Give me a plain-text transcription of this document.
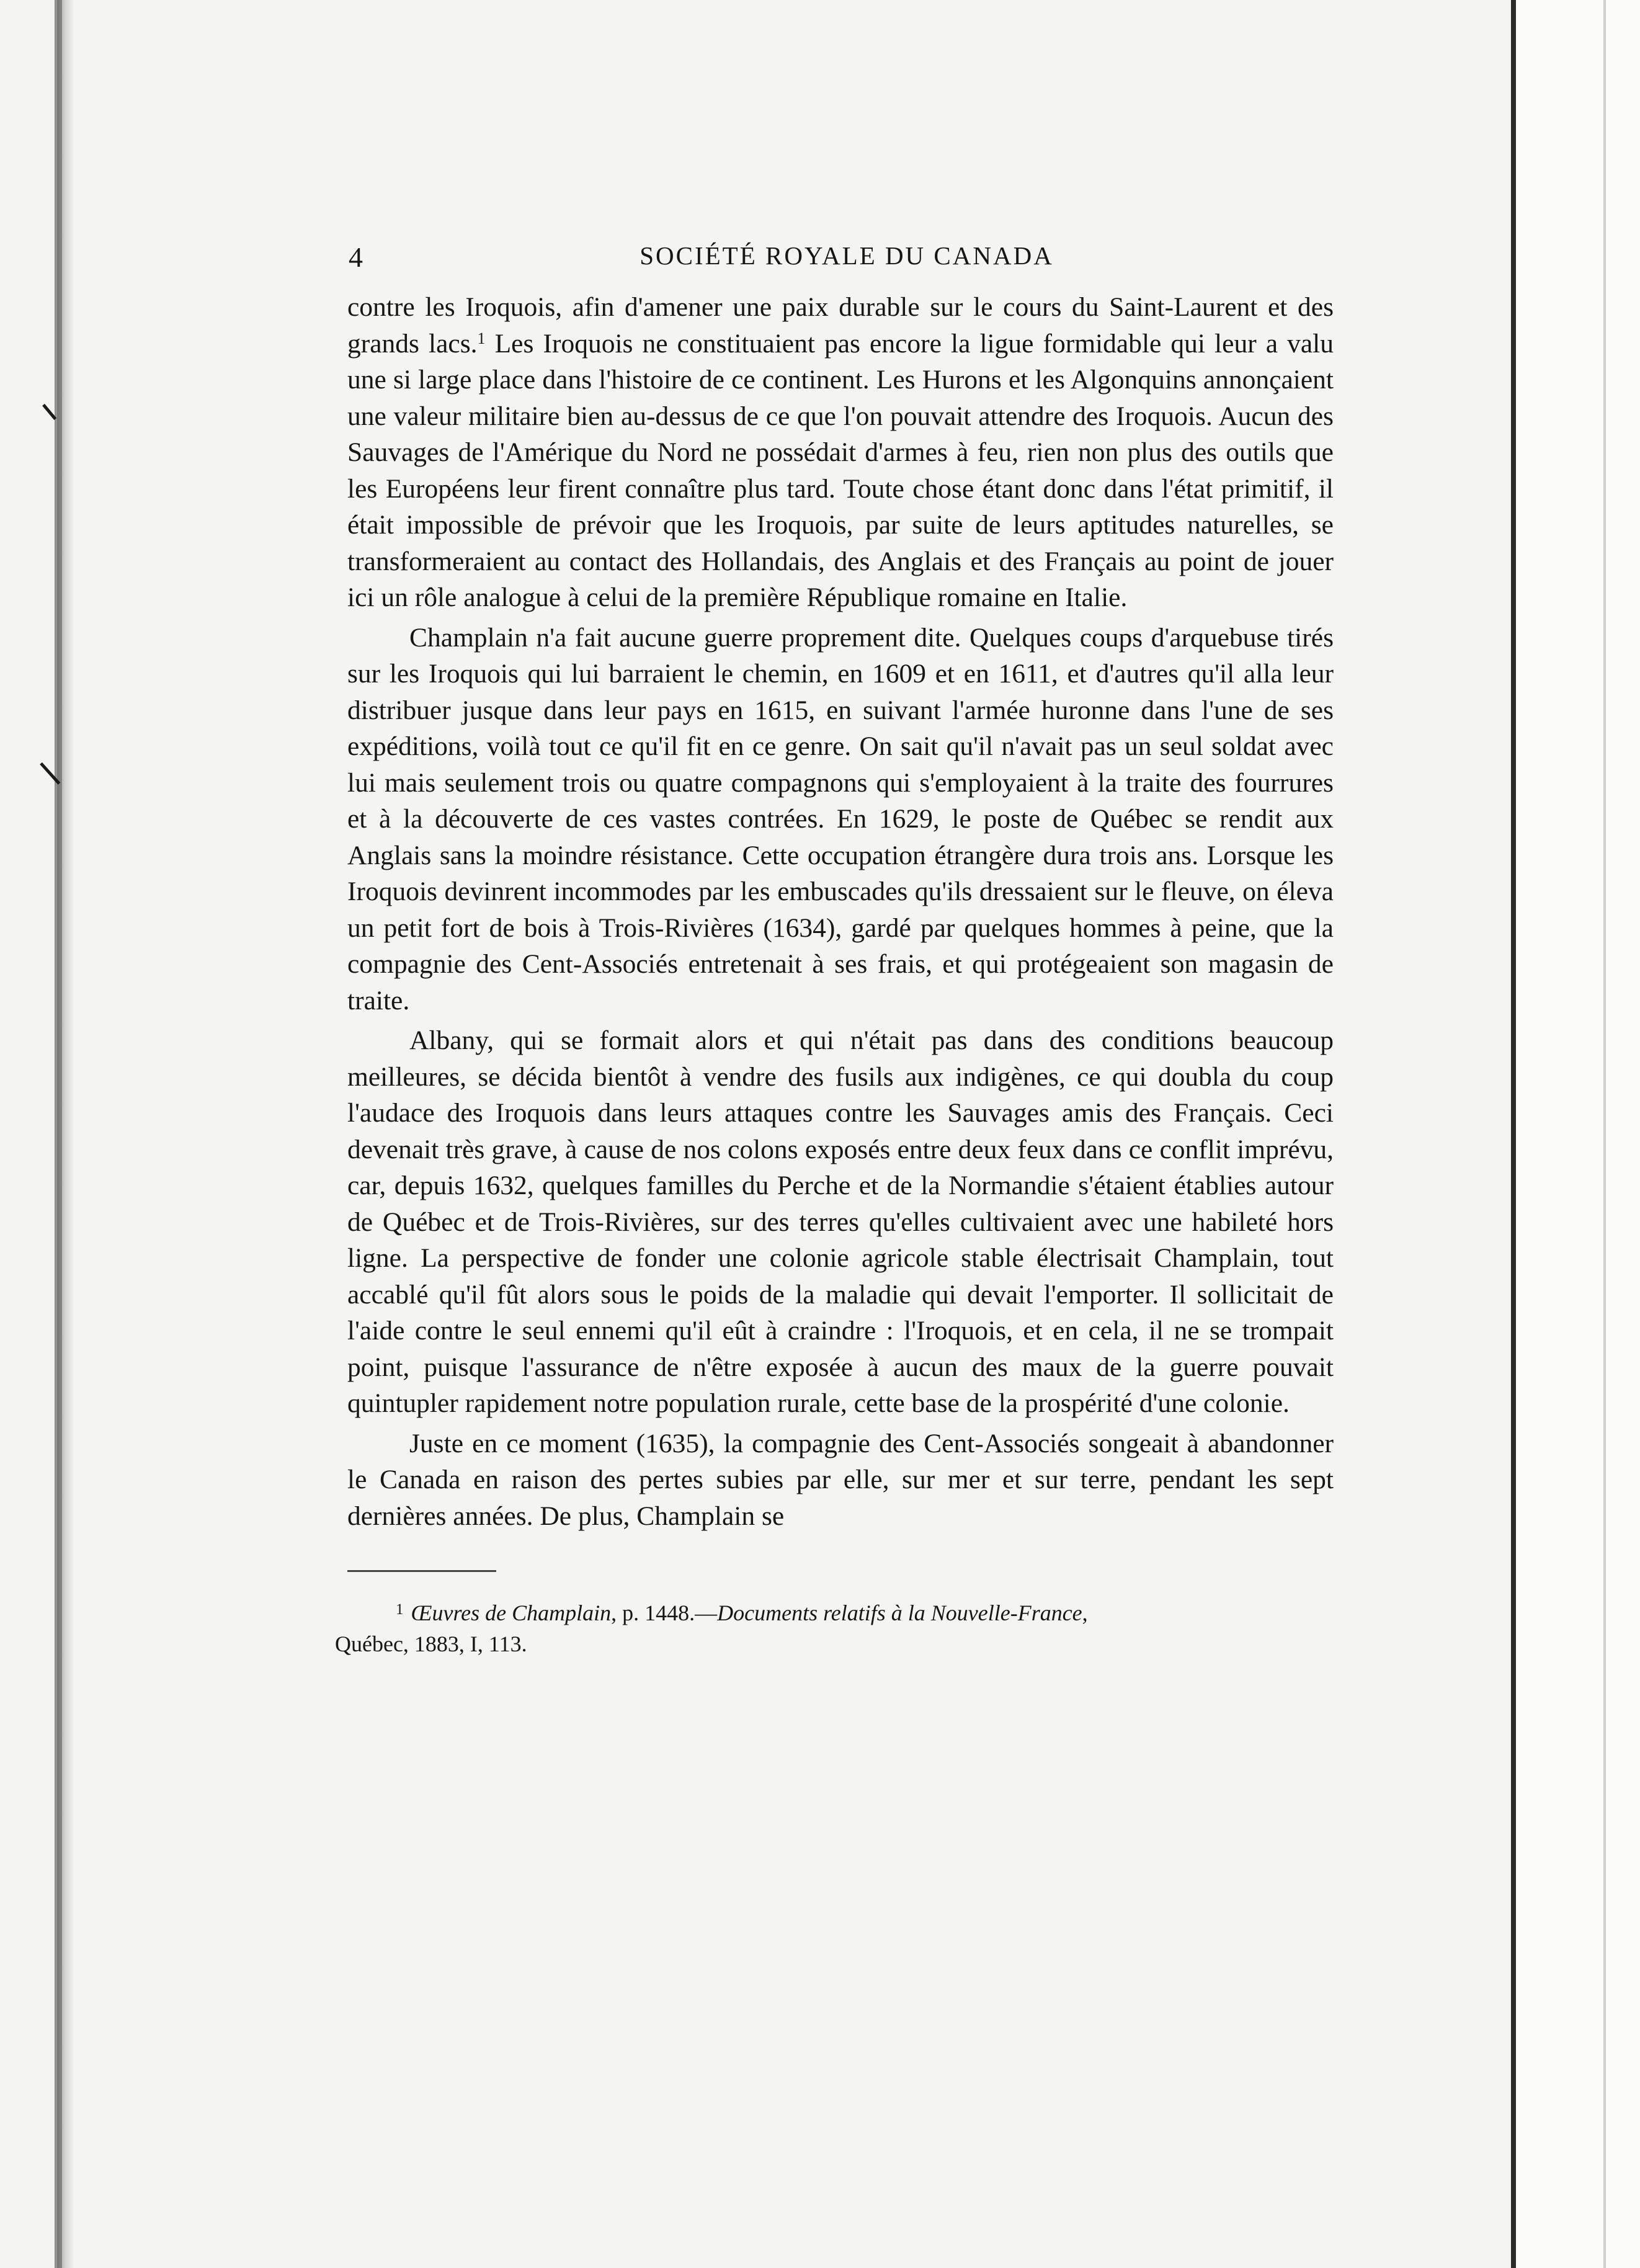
4	SOCIÉTÉ ROYALE DU CANADA

contre les Iroquois, afin d'amener une paix durable sur le cours du Saint-Laurent et des grands lacs.$^1$ Les Iroquois ne constituaient pas encore la ligue formidable qui leur a valu une si large place dans l'histoire de ce continent. Les Hurons et les Algonquins annonçaient une valeur militaire bien au-dessus de ce que l'on pouvait attendre des Iroquois. Aucun des Sauvages de l'Amérique du Nord ne possédait d'armes à feu, rien non plus des outils que les Européens leur firent connaître plus tard. Toute chose étant donc dans l'état primitif, il était impossible de prévoir que les Iroquois, par suite de leurs aptitudes naturelles, se transformeraient au contact des Hollandais, des Anglais et des Français au point de jouer ici un rôle analogue à celui de la première République romaine en Italie.

Champlain n'a fait aucune guerre proprement dite. Quelques coups d'arquebuse tirés sur les Iroquois qui lui barraient le chemin, en 1609 et en 1611, et d'autres qu'il alla leur distribuer jusque dans leur pays en 1615, en suivant l'armée huronne dans l'une de ses expéditions, voilà tout ce qu'il fit en ce genre. On sait qu'il n'avait pas un seul soldat avec lui mais seulement trois ou quatre compagnons qui s'employaient à la traite des fourrures et à la découverte de ces vastes contrées. En 1629, le poste de Québec se rendit aux Anglais sans la moindre résistance. Cette occupation étrangère dura trois ans. Lorsque les Iroquois devinrent incommodes par les embuscades qu'ils dressaient sur le fleuve, on éleva un petit fort de bois à Trois-Rivières (1634), gardé par quelques hommes à peine, que la compagnie des Cent-Associés entretenait à ses frais, et qui protégeaient son magasin de traite.

Albany, qui se formait alors et qui n'était pas dans des conditions beaucoup meilleures, se décida bientôt à vendre des fusils aux indigènes, ce qui doubla du coup l'audace des Iroquois dans leurs attaques contre les Sauvages amis des Français. Ceci devenait très grave, à cause de nos colons exposés entre deux feux dans ce conflit imprévu, car, depuis 1632, quelques familles du Perche et de la Normandie s'étaient établies autour de Québec et de Trois-Rivières, sur des terres qu'elles cultivaient avec une habileté hors ligne. La perspective de fonder une colonie agricole stable électrisait Champlain, tout accablé qu'il fût alors sous le poids de la maladie qui devait l'emporter. Il sollicitait de l'aide contre le seul ennemi qu'il eût à craindre : l'Iroquois, et en cela, il ne se trompait point, puisque l'assurance de n'être exposée à aucun des maux de la guerre pouvait quintupler rapidement notre population rurale, cette base de la prospérité d'une colonie.

Juste en ce moment (1635), la compagnie des Cent-Associés songeait à abandonner le Canada en raison des pertes subies par elle, sur mer et sur terre, pendant les sept dernières années. De plus, Champlain se

$^1$ Œuvres de Champlain, p. 1448.—Documents relatifs à la Nouvelle-France,
Québec, 1883, I, 113.
